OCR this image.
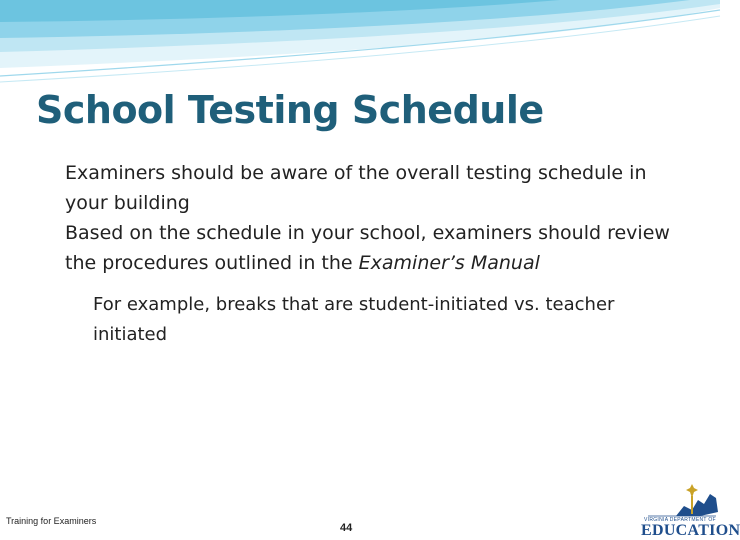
School Testing Schedule

Examiners should be aware of the overall testing schedule in your building

Based on the schedule in your school, examiners should review the procedures outlined in the Examiner’s Manual

For example, breaks that are student-initiated vs. teacher initiated

Training for Examiners
44
VIRGINIA DEPARTMENT OF
EDUCATION
